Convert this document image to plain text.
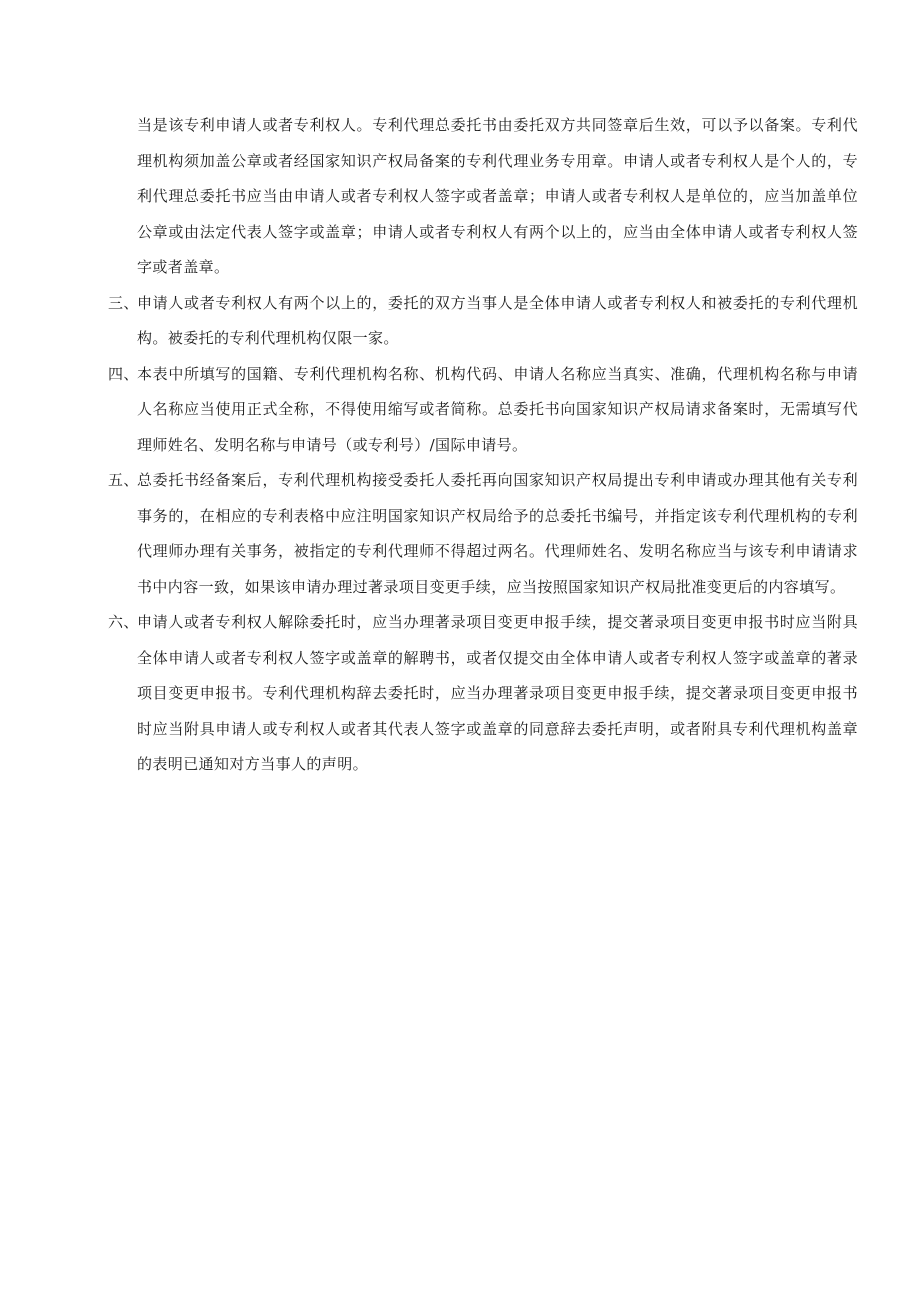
当是该专利申请人或者专利权人。专利代理总委托书由委托双方共同签章后生效，可以予以备案。专利代理机构须加盖公章或者经国家知识产权局备案的专利代理业务专用章。申请人或者专利权人是个人的，专利代理总委托书应当由申请人或者专利权人签字或者盖章；申请人或者专利权人是单位的，应当加盖单位公章或由法定代表人签字或盖章；申请人或者专利权人有两个以上的，应当由全体申请人或者专利权人签字或者盖章。
三、
申请人或者专利权人有两个以上的，委托的双方当事人是全体申请人或者专利权人和被委托的专利代理机构。被委托的专利代理机构仅限一家。
四、
本表中所填写的国籍、专利代理机构名称、机构代码、申请人名称应当真实、准确，代理机构名称与申请人名称应当使用正式全称，不得使用缩写或者简称。总委托书向国家知识产权局请求备案时，无需填写代理师姓名、发明名称与申请号（或专利号）/国际申请号。
五、
总委托书经备案后，专利代理机构接受委托人委托再向国家知识产权局提出专利申请或办理其他有关专利事务的，在相应的专利表格中应注明国家知识产权局给予的总委托书编号，并指定该专利代理机构的专利代理师办理有关事务，被指定的专利代理师不得超过两名。代理师姓名、发明名称应当与该专利申请请求书中内容一致，如果该申请办理过著录项目变更手续，应当按照国家知识产权局批准变更后的内容填写。
六、
申请人或者专利权人解除委托时，应当办理著录项目变更申报手续，提交著录项目变更申报书时应当附具全体申请人或者专利权人签字或盖章的解聘书，或者仅提交由全体申请人或者专利权人签字或盖章的著录项目变更申报书。专利代理机构辞去委托时，应当办理著录项目变更申报手续，提交著录项目变更申报书时应当附具申请人或专利权人或者其代表人签字或盖章的同意辞去委托声明，或者附具专利代理机构盖章的表明已通知对方当事人的声明。
